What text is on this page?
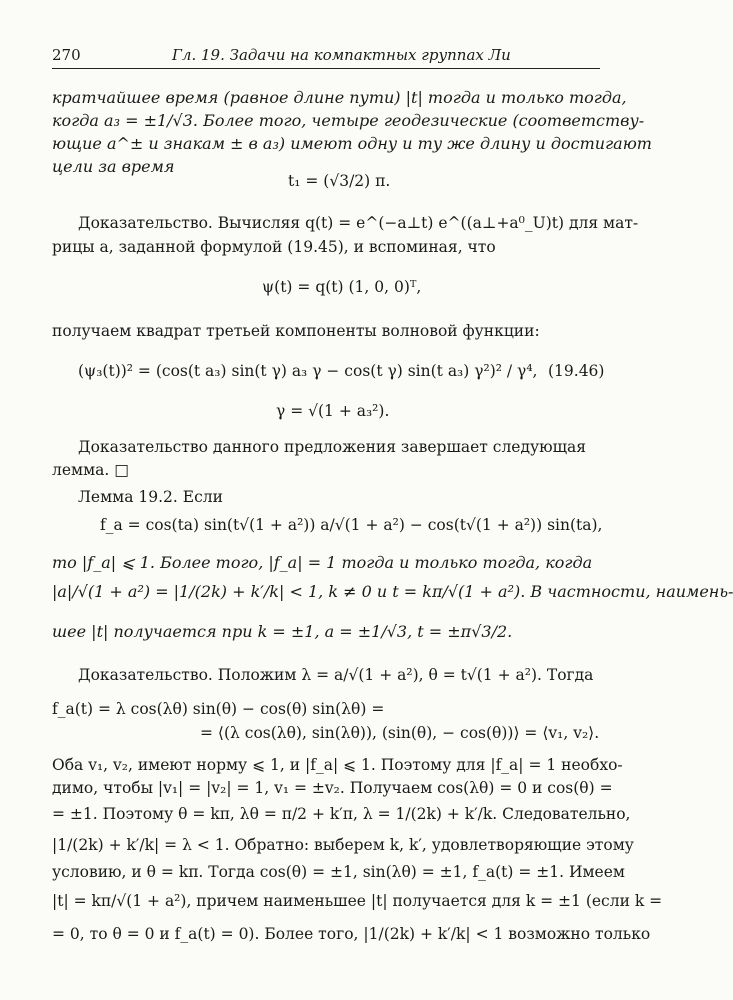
270	Гл. 19. Задачи на компактных группах Ли
кратчайшее время (равное длине пути) |t| тогда и только тогда,
когда a₃ = ±1/√3. Более того, четыре геодезические (соответству-
ющие a^± и знакам ± в a₃) имеют одну и ту же длину и достигают
цели за время
t₁ = (√3/2) π.
Доказательство. Вычисляя q(t) = e^(−a⊥t) e^((a⊥+a⁰_U)t) для мат-
рицы a, заданной формулой (19.45), и вспоминая, что
ψ(t) = q(t) (1, 0, 0)ᵀ,
получаем квадрат третьей компоненты волновой функции:
(ψ₃(t))² = (cos(t a₃) sin(t γ) a₃ γ − cos(t γ) sin(t a₃) γ²)² / γ⁴,
γ = √(1 + a₃²).
Доказательство данного предложения завершает следующая
лемма. □
Лемма 19.2. Если
f_a = cos(ta) sin(t√(1 + a²)) a/√(1 + a²) − cos(t√(1 + a²)) sin(ta),
то |f_a| ⩽ 1. Более того, |f_a| = 1 тогда и только тогда, когда
|a|/√(1 + a²) = |1/(2k) + k′/k| < 1, k ≠ 0 и t = kπ/√(1 + a²). В частности, наимень-
шее |t| получается при k = ±1, a = ±1/√3, t = ±π√3/2.
Доказательство. Положим λ = a/√(1 + a²), θ = t√(1 + a²). Тогда
f_a(t) = λ cos(λθ) sin(θ) − cos(θ) sin(λθ) =
= ⟨(λ cos(λθ), sin(λθ)), (sin(θ), − cos(θ))⟩ = ⟨v₁, v₂⟩.
Оба v₁, v₂, имеют норму ⩽ 1, и |f_a| ⩽ 1. Поэтому для |f_a| = 1 необхо-
димо, чтобы |v₁| = |v₂| = 1, v₁ = ±v₂. Получаем cos(λθ) = 0 и cos(θ) =
= ±1. Поэтому θ = kπ, λθ = π/2 + k′π, λ = 1/(2k) + k′/k. Следовательно,
|1/(2k) + k′/k| = λ < 1. Обратно: выберем k, k′, удовлетворяющие этому
условию, и θ = kπ. Тогда cos(θ) = ±1, sin(λθ) = ±1, f_a(t) = ±1. Имеем
|t| = kπ/√(1 + a²), причем наименьшее |t| получается для k = ±1 (если k =
= 0, то θ = 0 и f_a(t) = 0). Более того, |1/(2k) + k′/k| < 1 возможно только
(19.46)
